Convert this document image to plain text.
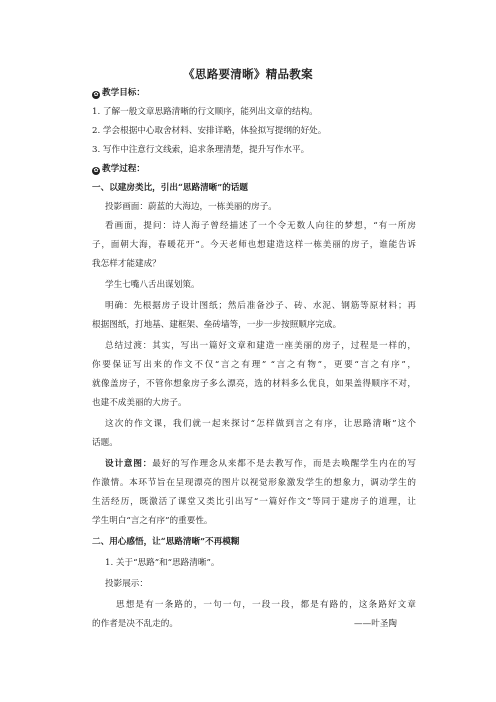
《思路要清晰》精品教案
✿ 教学目标：
1. 了解一般文章思路清晰的行文顺序，能列出文章的结构。
2. 学会根据中心取舍材料、安排详略，体验拟写提纲的好处。
3. 写作中注意行文线索，追求条理清楚，提升写作水平。
✿ 教学过程：
一、以建房类比，引出“思路清晰”的话题
投影画面：蔚蓝的大海边，一栋美丽的房子。
看画面，提问：诗人海子曾经描述了一个令无数人向往的梦想，“有一所房
子，面朝大海，春暖花开”。今天老师也想建造这样一栋美丽的房子，谁能告诉
我怎样才能建成？
学生七嘴八舌出谋划策。
明确：先根据房子设计图纸；然后准备沙子、砖、水泥、钢筋等原材料；再
根据图纸，打地基、建框架、垒砖墙等，一步一步按照顺序完成。
总结过渡：其实，写出一篇好文章和建造一座美丽的房子，过程是一样的，
你要保证写出来的作文不仅“言之有理” “言之有物”，更要“言之有序”，
就像盖房子，不管你想象房子多么漂亮，选的材料多么优良，如果盖得顺序不对，
也建不成美丽的大房子。
这次的作文课，我们就一起来探讨“怎样做到言之有序，让思路清晰”这个
话题。
设计意图：最好的写作理念从来都不是去教写作，而是去唤醒学生内在的写
作激情。本环节旨在呈现漂亮的图片以视觉形象激发学生的想象力，调动学生的
生活经历，既激活了课堂又类比引出写“一篇好作文”等同于建房子的道理，让
学生明白“言之有序”的重要性。
二、用心感悟，让“思路清晰”不再模糊
1. 关于“思路”和“思路清晰”。
投影展示：
思想是有一条路的，一句一句，一段一段，都是有路的，这条路好文章
的作者是决不乱走的。	——叶圣陶
